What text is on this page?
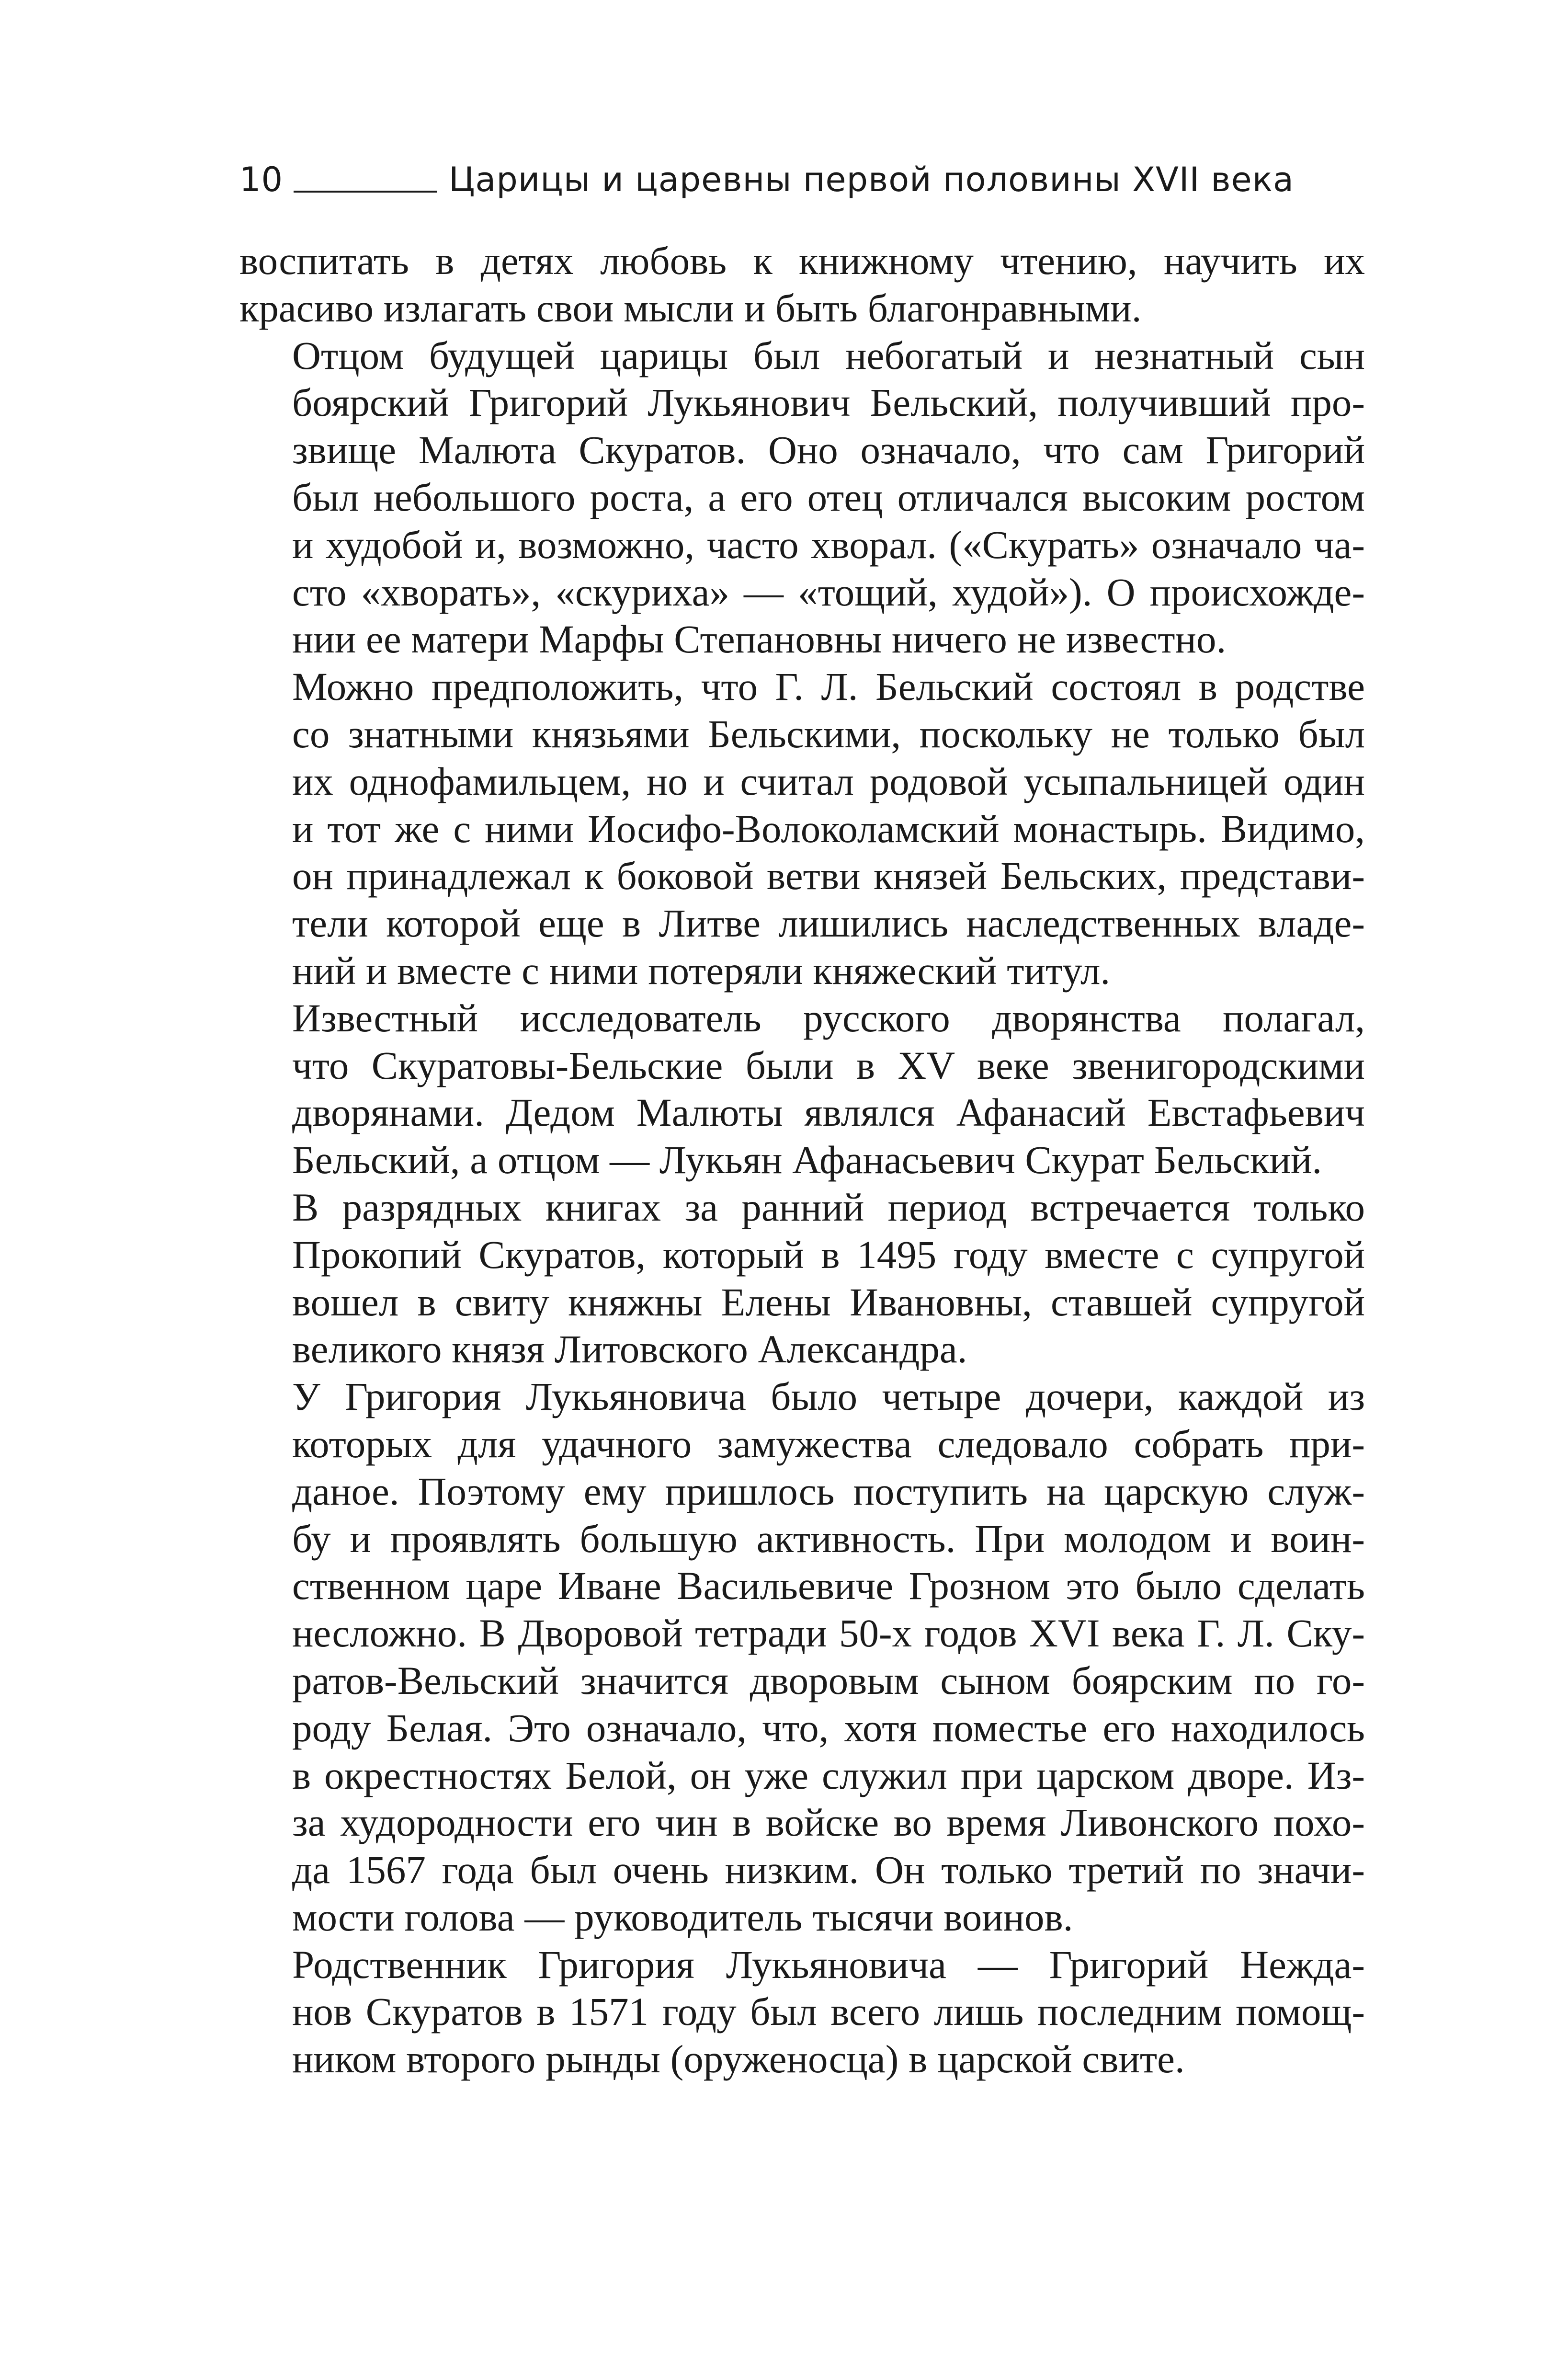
10	Царицы и царевны первой половины XVII века

воспитать в детях любовь к книжному чтению, научить их
красиво излагать свои мысли и быть благонравными.

Отцом будущей царицы был небогатый и незнатный сын
боярский Григорий Лукьянович Бельский, получивший про-
звище Малюта Скуратов. Оно означало, что сам Григорий
был небольшого роста, а его отец отличался высоким ростом
и худобой и, возможно, часто хворал. («Скурать» означало ча-
сто «хворать», «скуриха» — «тощий, худой»). О происхожде-
нии ее матери Марфы Степановны ничего не известно.

Можно предположить, что Г. Л. Бельский состоял в родстве
со знатными князьями Бельскими, поскольку не только был
их однофамильцем, но и считал родовой усыпальницей один
и тот же с ними Иосифо-Волоколамский монастырь. Видимо,
он принадлежал к боковой ветви князей Бельских, представи-
тели которой еще в Литве лишились наследственных владе-
ний и вместе с ними потеряли княжеский титул.

Известный исследователь русского дворянства полагал,
что Скуратовы-Бельские были в XV веке звенигородскими
дворянами. Дедом Малюты являлся Афанасий Евстафьевич
Бельский, а отцом — Лукьян Афанасьевич Скурат Бельский.

В разрядных книгах за ранний период встречается только
Прокопий Скуратов, который в 1495 году вместе с супругой
вошел в свиту княжны Елены Ивановны, ставшей супругой
великого князя Литовского Александра.

У Григория Лукьяновича было четыре дочери, каждой из
которых для удачного замужества следовало собрать при-
даное. Поэтому ему пришлось поступить на царскую служ-
бу и проявлять большую активность. При молодом и воин-
ственном царе Иване Васильевиче Грозном это было сделать
несложно. В Дворовой тетради 50-х годов XVI века Г. Л. Ску-
ратов-Вельский значится дворовым сыном боярским по го-
роду Белая. Это означало, что, хотя поместье его находилось
в окрестностях Белой, он уже служил при царском дворе. Из-
за худородности его чин в войске во время Ливонского похо-
да 1567 года был очень низким. Он только третий по значи-
мости голова — руководитель тысячи воинов.

Родственник Григория Лукьяновича — Григорий Нежда-
нов Скуратов в 1571 году был всего лишь последним помощ-
ником второго рынды (оруженосца) в царской свите.
